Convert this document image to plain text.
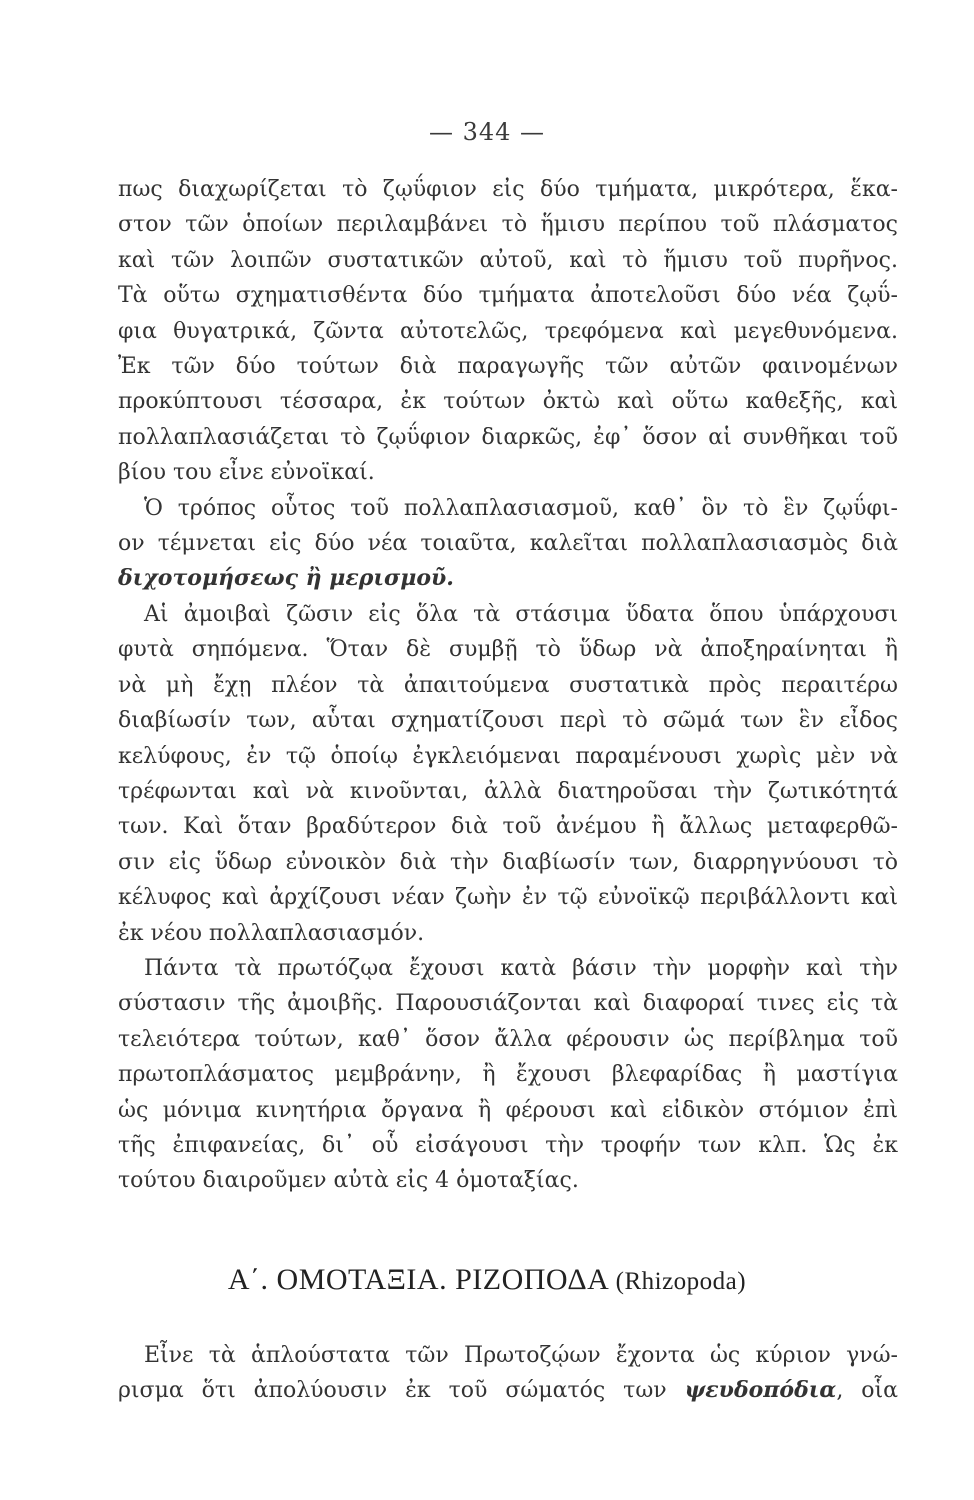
— 344 —
πως διαχωρίζεται τὸ ζῳΰφιον εἰς δύο τμήματα, μικρότερα, ἕκα-
στον τῶν ὁποίων περιλαμβάνει τὸ ἥμισυ περίπου τοῦ πλάσματος
καὶ τῶν λοιπῶν συστατικῶν αὐτοῦ, καὶ τὸ ἥμισυ τοῦ πυρῆνος.
Τὰ οὕτω σχηματισθέντα δύο τμήματα ἀποτελοῦσι δύο νέα ζῳΰ-
φια θυγατρικά, ζῶντα αὐτοτελῶς, τρεφόμενα καὶ μεγεθυνόμενα.
Ἐκ τῶν δύο τούτων διὰ παραγωγῆς τῶν αὐτῶν φαινομένων
προκύπτουσι τέσσαρα, ἐκ τούτων ὀκτὼ καὶ οὕτω καθεξῆς, καὶ
πολλαπλασιάζεται τὸ ζῳΰφιον διαρκῶς, ἐφ᾽ ὅσον αἱ συνθῆκαι τοῦ
βίου του εἶνε εὐνοϊκαί.
Ὁ τρόπος οὗτος τοῦ πολλαπλασιασμοῦ, καθ᾽ ὃν τὸ ἓν ζῳΰφι-
ον τέμνεται εἰς δύο νέα τοιαῦτα, καλεῖται πολλαπλασιασμὸς διὰ
διχοτομήσεως ἢ μερισμοῦ.
Αἱ ἀμοιβαὶ ζῶσιν εἰς ὅλα τὰ στάσιμα ὕδατα ὅπου ὑπάρχουσι
φυτὰ σηπόμενα. Ὅταν δὲ συμβῇ τὸ ὕδωρ νὰ ἀποξηραίνηται ἢ
νὰ μὴ ἔχῃ πλέον τὰ ἀπαιτούμενα συστατικὰ πρὸς περαιτέρω
διαβίωσίν των, αὗται σχηματίζουσι περὶ τὸ σῶμά των ἓν εἶδος
κελύφους, ἐν τῷ ὁποίῳ ἐγκλειόμεναι παραμένουσι χωρὶς μὲν νὰ
τρέφωνται καὶ νὰ κινοῦνται, ἀλλὰ διατηροῦσαι τὴν ζωτικότητά
των. Καὶ ὅταν βραδύτερον διὰ τοῦ ἀνέμου ἢ ἄλλως μεταφερθῶ-
σιν εἰς ὕδωρ εὐνοικὸν διὰ τὴν διαβίωσίν των, διαρρηγνύουσι τὸ
κέλυφος καὶ ἀρχίζουσι νέαν ζωὴν ἐν τῷ εὐνοϊκῷ περιβάλλοντι καὶ
ἐκ νέου πολλαπλασιασμόν.
Πάντα τὰ πρωτόζῳα ἔχουσι κατὰ βάσιν τὴν μορφὴν καὶ τὴν
σύστασιν τῆς ἀμοιβῆς. Παρουσιάζονται καὶ διαφοραί τινες εἰς τὰ
τελειότερα τούτων, καθ᾽ ὅσον ἄλλα φέρουσιν ὡς περίβλημα τοῦ
πρωτοπλάσματος μεμβράνην, ἢ ἔχουσι βλεφαρίδας ἢ μαστίγια
ὡς μόνιμα κινητήρια ὄργανα ἢ φέρουσι καὶ εἰδικὸν στόμιον ἐπὶ
τῆς ἐπιφανείας, δι᾽ οὗ εἰσάγουσι τὴν τροφήν των κλπ. Ὡς ἐκ
τούτου διαιροῦμεν αὐτὰ εἰς 4 ὁμοταξίας.
Α΄. ΟΜΟΤΑΞΙΑ. ΡΙΖΟΠΟΔΑ (Rhizopoda)
Εἶνε τὰ ἁπλούστατα τῶν Πρωτοζῴων ἔχοντα ὡς κύριον γνώ-
ρισμα ὅτι ἀπολύουσιν ἐκ τοῦ σώματός των ψευδοπόδια, οἷα
